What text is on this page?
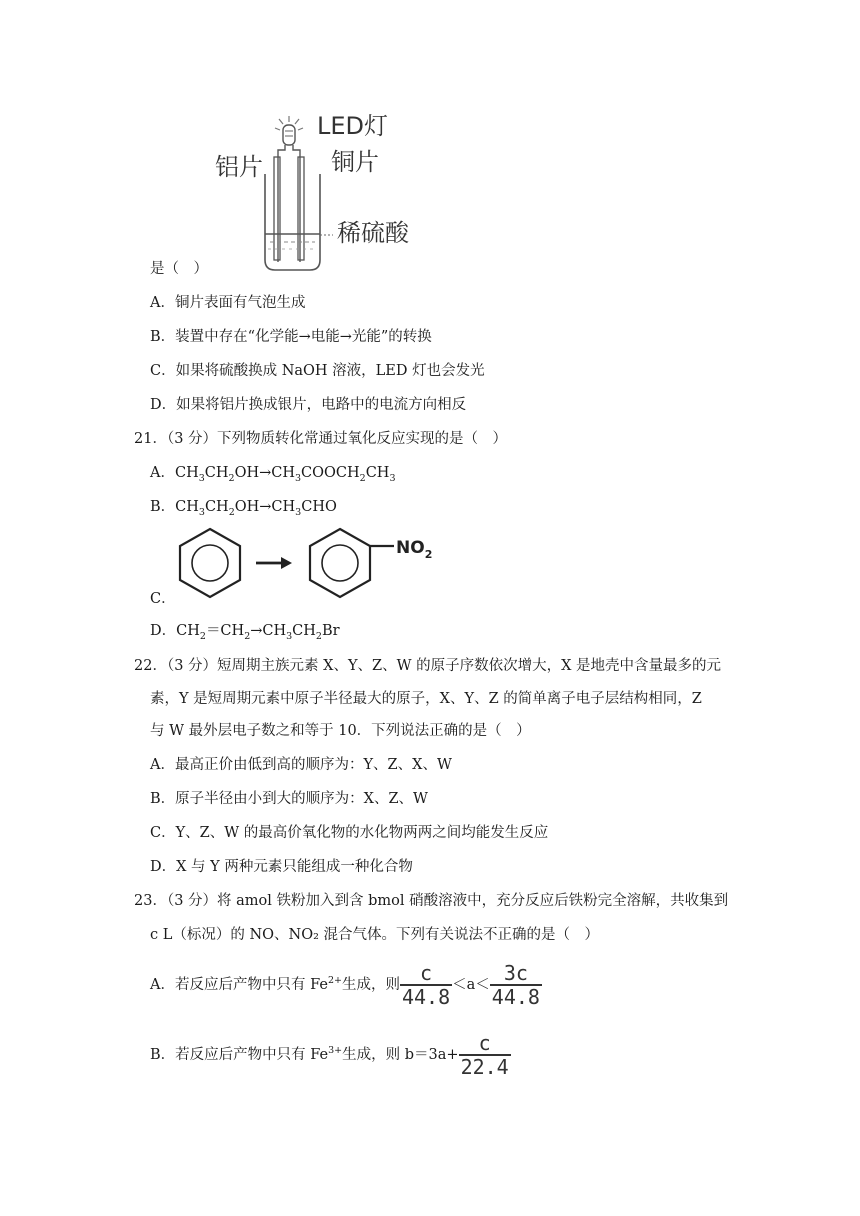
LED灯
铝片	铜片
稀硫酸
是（　）
A．铜片表面有气泡生成
B．装置中存在“化学能→电能→光能”的转换
C．如果将硫酸换成 NaOH 溶液，LED 灯也会发光
D．如果将铝片换成银片，电路中的电流方向相反
21．（3 分）下列物质转化常通过氧化反应实现的是（　）
A．$CH_3CH_2OH\to CH_3COOCH_2CH_3$
B．$CH_3CH_2OH\to CH_3CHO$
$NO_2$
C．
D．$CH_2=CH_2\to CH_3CH_2Br$
22．（3 分）短周期主族元素 X、Y、Z、W 的原子序数依次增大，X 是地壳中含量最多的元
素，Y 是短周期元素中原子半径最大的原子，X、Y、Z 的简单离子电子层结构相同，Z
与 W 最外层电子数之和等于 10．下列说法正确的是（　）
A．最高正价由低到高的顺序为：Y、Z、X、W
B．原子半径由小到大的顺序为：X、Z、W
C．Y、Z、W 的最高价氧化物的水化物两两之间均能发生反应
D．X 与 Y 两种元素只能组成一种化合物
23．（3 分）将 amol 铁粉加入到含 bmol 硝酸溶液中，充分反应后铁粉完全溶解，共收集到
c L（标况）的 NO、NO₂ 混合气体。下列有关说法不正确的是（　）
A．若反应后产物中只有 $Fe^{2+}$生成，则 $\frac{c}{44.8} <a< \frac{3c}{44.8}$
B．若反应后产物中只有 $Fe^{3+}$生成，则 $b=3a+ \frac{c}{22.4}$
